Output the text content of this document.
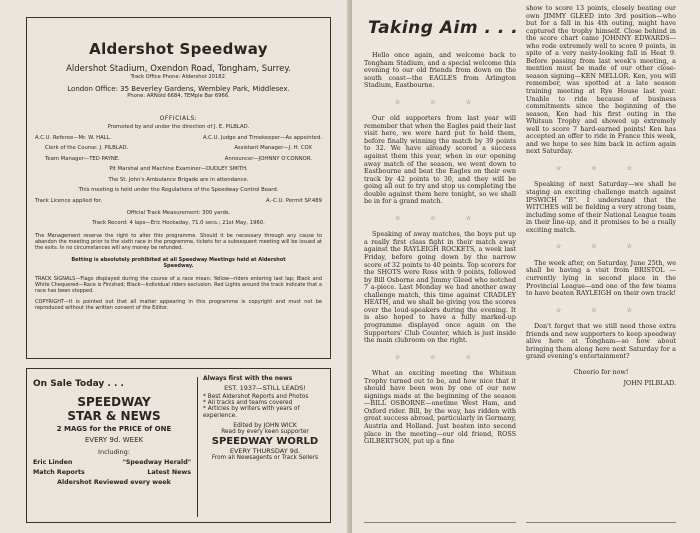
Aldershot Speedway
Aldershot Stadium, Oxendon Road, Tongham, Surrey.
Track Office Phone: Aldershot 20182.
London Office: 35 Beverley Gardens, Wembley Park, Middlesex.
Phone: ARNold 6684, TEMple Bar 6966.
OFFICIALS:
Promoted by and under the direction of J. E. PILBLAD.
A.C.U. Referee—Mr. W. HALL.	A.C.U. Judge and Timekeeper—As appointed.
Clerk of the Course: J. PILBLAD.	Assistant Manager—J. H. COX
Team Manager—TED PAYNE.	Announcer—JOHNNY O'CONNOR.
Pit Marshal and Machine Examiner—DUDLEY SMITH.
The St. John's Ambulance Brigade are in attendance.
This meeting is held under the Regulations of the Speedway Control Board.
Track Licence applied for.	A.-C.U. Permit SP.489
Official Track Measurement: 300 yards.
Track Record: 4 laps—Eric Hockaday, 71.0 secs.; 21st May, 1960.
The Management reserve the right to alter this programme. Should it be necessary through any cause to abandon the meeting prior to the sixth race in the programme, tickets for a subsequent meeting will be issued at the exits. In no circumstances will any money be refunded.
Betting is absolutely prohibited at all Speedway Meetings held at Aldershot Speedway.
TRACK SIGNALS—Flags displayed during the course of a race mean: Yellow—riders entering last lap; Black and White Chequered—Race is Finished; Black—Individual riders exclusion. Red Lights around the track indicate that a race has been stopped.
COPYRIGHT—It is pointed out that all matter appearing in this programme is copyright and must not be reproduced without the written consent of the Editor.
On Sale Today . . .
SPEEDWAY
STAR & NEWS
2 MAGS for the PRICE of ONE
EVERY 9d. WEEK
Including:
Eric Linden	"Speedway Herald"
Match Reports	Latest News
Aldershot Reviewed every week
Always first with the news
EST. 1937—STILL LEADS!
* Best Aldershot Reports and Photos
* All tracks and teams covered
* Articles by writers with years of experience.
Edited by JOHN WICK
Read by every keen supporter
SPEEDWAY WORLD
EVERY THURSDAY 9d.
From all Newsagents or Track Sellers
Taking Aim . . .

Hello once again, and welcome back to Tongham Stadium, and a special welcome this evening to our old friends from down on the south coast—the EAGLES from Arlington Stadium, Eastbourne.

☆ ☆ ☆

Our old supporters from last year will remember that when the Eagles paid their last visit here, we were hard put to hold them, before finally winning the match by 39 points to 32. We have already scored a success against them this year, when in our opening away match of the season, we went down to Eastbourne and beat the Eagles on their own track by 42 points to 30, and they will be going all out to try and stop us completing the double against them here tonight, so we shall be in for a grand match.

☆ ☆ ☆

Speaking of away matches, the boys put up a really first class fight in their match away against the RAYLEIGH ROCKETS, a week last Friday, before going down by the narrow score of 32 points to 40 points. Top scorers for the SHOTS were Ross with 9 points, followed by Bill Osborne and Jimmy Gleed who notched 7 a-piece. Last Monday we had another away challenge match, this time against CRADLEY HEATH, and we shall be giving you the scores over the loud-speakers during the evening. It is also hoped to have a fully marked-up programme displayed once again on the Supporters' Club Counter, which is just inside the main clubroom on the right.

☆ ☆ ☆

What an exciting meeting the Whitsun Trophy turned out to be, and how nice that it should have been won by one of our new signings made at the beginning of the season—BILL OSBORNE—onetime West Ham, and Oxford rider. Bill, by the way, has ridden with great success abroad, particularly in Germany, Austria and Holland. Just beaten into second place in the meeting—our old friend, ROSS GILBERTSON, put up a fine

show to score 13 points, closely beating our own JIMMY GLEED into 3rd position—who but for a fall in his 4th outing, might have captured the trophy himself. Close behind in the score chart came JOHNNY EDWARDS—who rode extremely well to score 9 points, in spite of a very nasty-looking fall in Heat 9. Before passing from last week's meeting, a mention must be made of our other close-season signing—KEN MELLOR. Ken, you will remember, was spotted at a late season training meeting at Rye House last year. Unable to ride because of business commitments since the beginning of the season, Ken had his first outing in the Whitsun Trophy and showed up extremely well to score 7 hard-earned points! Ken has accepted an offer to ride in France this week, and we hope to see him back in action again next Saturday.

☆ ☆ ☆

Speaking of next Saturday—we shall be staging an exciting challenge match against IPSWICH "B". I understand that the WITCHES will be fielding a very strong team, including some of their National League team in their line-up, and it promises to be a really exciting match.

☆ ☆ ☆

The week after, on Saturday, June 25th, we shall be having a visit from BRISTOL — currently lying in second place in the Provincial League—and one of the few teams to have beaten RAYLEIGH on their own track!

☆ ☆ ☆

Don't forget that we still need those extra friends and new supporters to keep speedway alive here at Tongham—so how about bringing them along here next Saturday for a grand evening's entertainment?

Cheerio for now!
JOHN PILBLAD.
